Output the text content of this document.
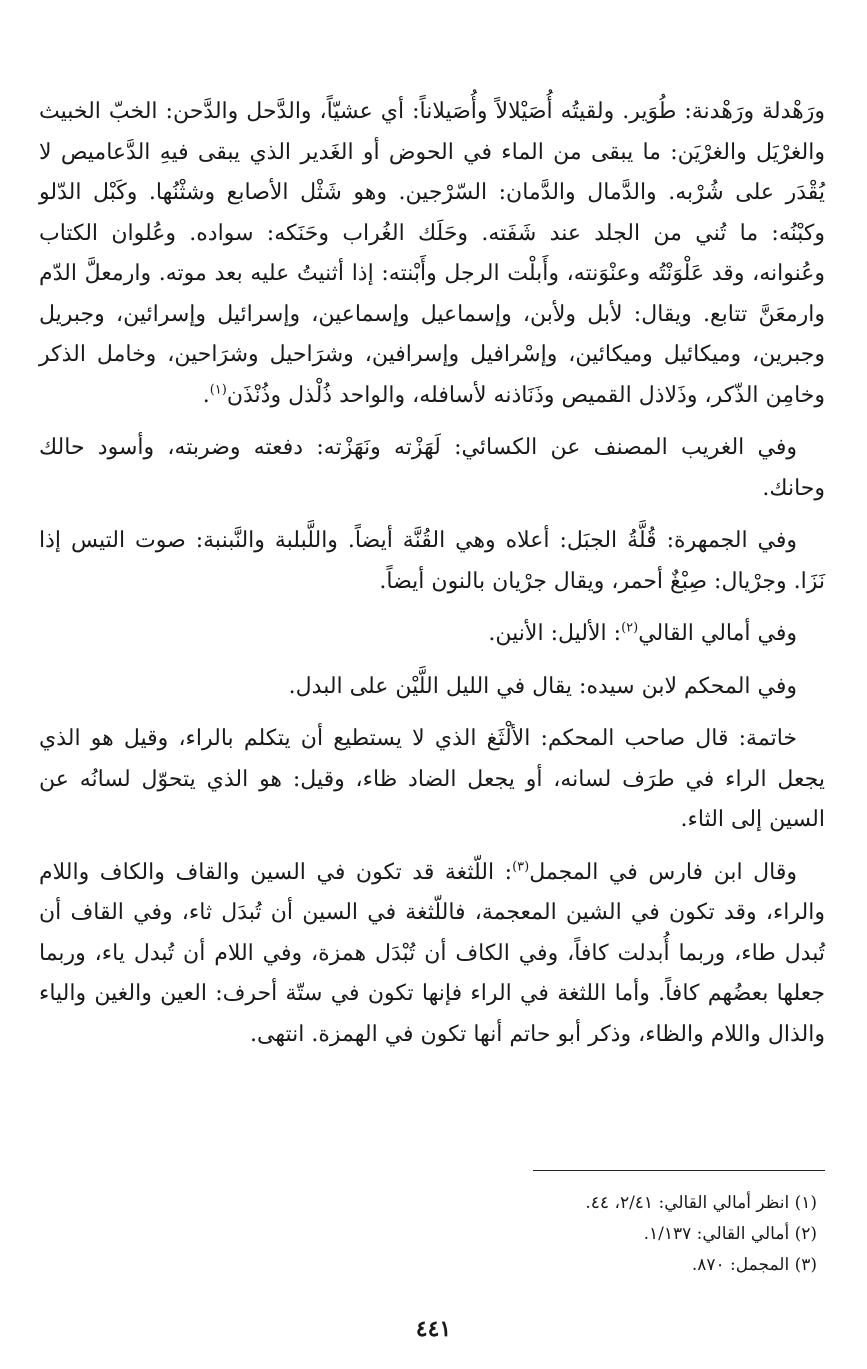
ورَهْدلة ورَهْدنة: طُوَير. ولقيتُه أُصَيْلالاً وأُصَيلاناً: أي عشيّاً، والدَّحل والدَّحن: الخبّ الخبيث والغرْيَل والغرْيَن: ما يبقى من الماء في الحوض أو الغَدير الذي يبقى فيهِ الدَّعاميص لا يُقْدَر على شُرْبه. والدَّمال والدَّمان: السّرْجين. وهو شَثْل الأصابع وشثْنُها. وكَبْل الدّلو وكبْنُه: ما تُني من الجلد عند شَفَته. وحَلَك الغُراب وحَنَكه: سواده. وعُلوان الكتاب وعُنوانه، وقد عَلْوَنْتُه وعنْوَنته، وأَبلْت الرجل وأَبْنته: إذا أثنيتُ عليه بعد موته. وارمعلَّ الدّم وارمعَنَّ تتابع. ويقال: لأبل ولأبن، وإسماعيل وإسماعين، وإسرائيل وإسرائين، وجبريل وجبرين، وميكائيل وميكائين، وإسْرافيل وإسرافين، وشرَاحيل وشرَاحين، وخامل الذكر وخامِن الذّكر، وذَلاذل القميص وذَنَاذنه لأسافله، والواحد ذُلْذل وذُنْذَن$^{(١)}$.

وفي الغريب المصنف عن الكسائي: لَهَزْته ونَهَزْته: دفعته وضربته، وأسود حالك وحانك.

وفي الجمهرة: قُلَّةُ الجبَل: أعلاه وهي القُنَّة أيضاً. واللَّبلبة والنَّبنبة: صوت التيس إذا نَزَا. وجرْيال: صِبْغٌ أحمر، ويقال جرْيان بالنون أيضاً.

وفي أمالي القالي$^{(٢)}$: الأليل: الأنين.

وفي المحكم لابن سيده: يقال في الليل اللَّيْن على البدل.

خاتمة: قال صاحب المحكم: الألْثَغ الذي لا يستطيع أن يتكلم بالراء، وقيل هو الذي يجعل الراء في طرَف لسانه، أو يجعل الضاد ظاء، وقيل: هو الذي يتحوّل لسانُه عن السين إلى الثاء.

وقال ابن فارس في المجمل$^{(٣)}$: اللّثغة قد تكون في السين والقاف والكاف واللام والراء، وقد تكون في الشين المعجمة، فاللّثغة في السين أن تُبدَل ثاء، وفي القاف أن تُبدل طاء، وربما أُبدلت كافاً، وفي الكاف أن تُبْدَل همزة، وفي اللام أن تُبدل ياء، وربما جعلها بعضُهم كافاً. وأما اللثغة في الراء فإنها تكون في ستّة أحرف: العين والغين والياء والذال واللام والظاء، وذكر أبو حاتم أنها تكون في الهمزة. انتهى.

(١) انظر أمالي القالي: ٢/٤١، ٤٤.

(٢) أمالي القالي: ١/١٣٧.

(٣) المجمل: ٨٧٠.

٤٤١
